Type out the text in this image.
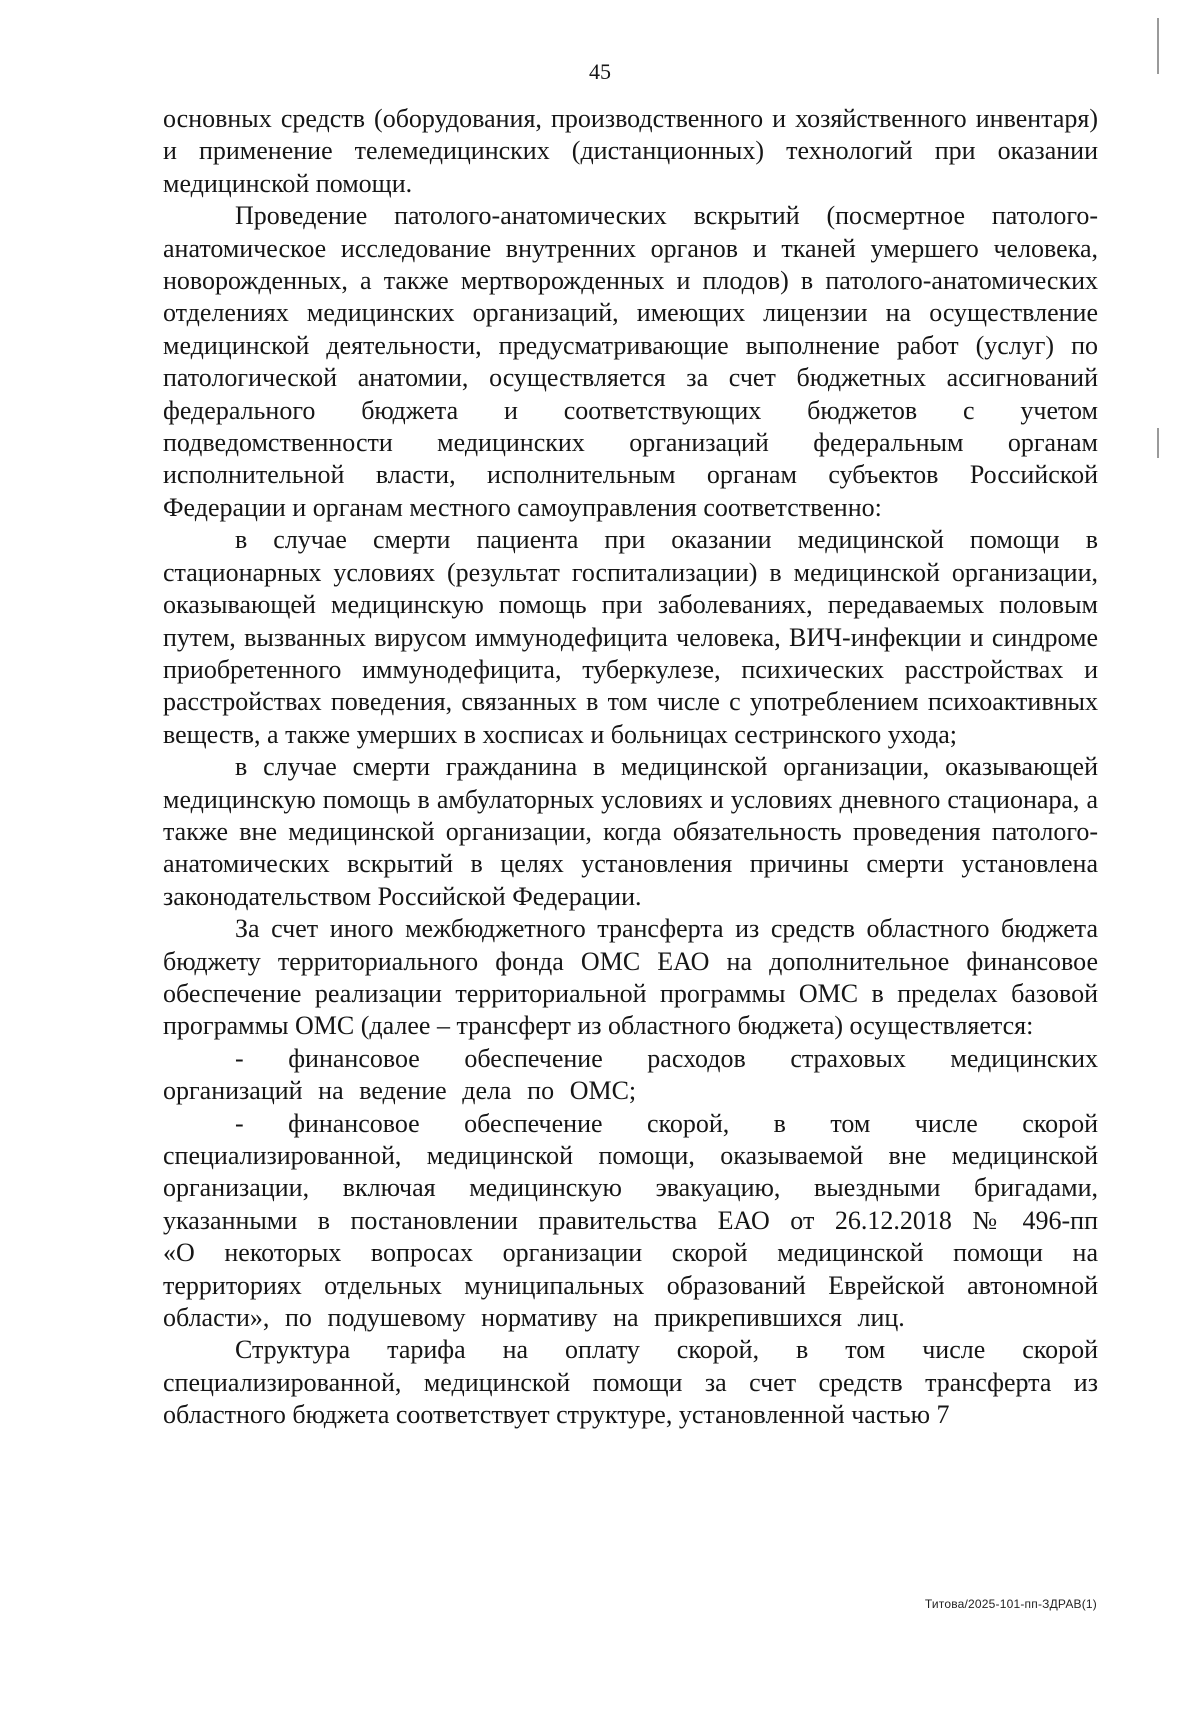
45

основных средств (оборудования, производственного и хозяйственного инвентаря) и применение телемедицинских (дистанционных) технологий при оказании медицинской помощи.

Проведение патолого-анатомических вскрытий (посмертное патолого-анатомическое исследование внутренних органов и тканей умершего человека, новорожденных, а также мертворожденных и плодов) в патолого-анатомических отделениях медицинских организаций, имеющих лицензии на осуществление медицинской деятельности, предусматривающие выполнение работ (услуг) по патологической анатомии, осуществляется за счет бюджетных ассигнований федерального бюджета и соответствующих бюджетов с учетом подведомственности медицинских организаций федеральным органам исполнительной власти, исполнительным органам субъектов Российской Федерации и органам местного самоуправления соответственно:

в случае смерти пациента при оказании медицинской помощи в стационарных условиях (результат госпитализации) в медицинской организации, оказывающей медицинскую помощь при заболеваниях, передаваемых половым путем, вызванных вирусом иммунодефицита человека, ВИЧ-инфекции и синдроме приобретенного иммунодефицита, туберкулезе, психических расстройствах и расстройствах поведения, связанных в том числе с употреблением психоактивных веществ, а также умерших в хосписах и больницах сестринского ухода;

в случае смерти гражданина в медицинской организации, оказывающей медицинскую помощь в амбулаторных условиях и условиях дневного стационара, а также вне медицинской организации, когда обязательность проведения патолого-анатомических вскрытий в целях установления причины смерти установлена законодательством Российской Федерации.

За счет иного межбюджетного трансферта из средств областного бюджета бюджету территориального фонда ОМС ЕАО на дополнительное финансовое обеспечение реализации территориальной программы ОМС в пределах базовой программы ОМС (далее – трансферт из областного бюджета) осуществляется:

- финансовое обеспечение расходов страховых медицинских организаций на ведение дела по ОМС;

- финансовое обеспечение скорой, в том числе скорой специализированной, медицинской помощи, оказываемой вне медицинской организации, включая медицинскую эвакуацию, выездными бригадами, указанными в постановлении правительства ЕАО от 26.12.2018 № 496-пп «О некоторых вопросах организации скорой медицинской помощи на территориях отдельных муниципальных образований Еврейской автономной области», по подушевому нормативу на прикрепившихся лиц.

Структура тарифа на оплату скорой, в том числе скорой специализированной, медицинской помощи за счет средств трансферта из областного бюджета соответствует структуре, установленной частью 7

Титова/2025-101-пп-ЗДРАВ(1)
